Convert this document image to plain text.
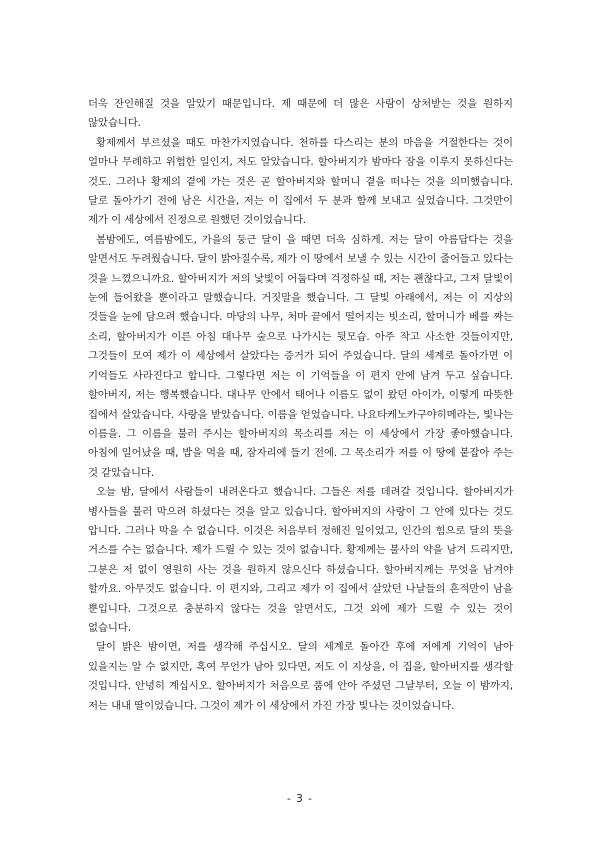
더욱 잔인해질 것을 알았기 때문입니다. 제 때문에 더 많은 사람이 상처받는 것을 원하지 않았습니다.

황제께서 부르셨을 때도 마찬가지였습니다. 천하를 다스리는 분의 마음을 거절한다는 것이 얼마나 무례하고 위험한 일인지, 저도 알았습니다. 할아버지가 밤마다 잠을 이루지 못하신다는 것도. 그러나 황제의 곁에 가는 것은 곧 할아버지와 할머니 곁을 떠나는 것을 의미했습니다. 달로 돌아가기 전에 남은 시간을, 저는 이 집에서 두 분과 함께 보내고 싶었습니다. 그것만이 제가 이 세상에서 진정으로 원했던 것이었습니다.

봄밤에도, 여름밤에도, 가을의 둥근 달이 을 때면 더욱 심하게. 저는 달이 아름답다는 것을 알면서도 두려웠습니다. 달이 밝아질수록, 제가 이 땅에서 보낼 수 있는 시간이 줄어들고 있다는 것을 느꼈으니까요. 할아버지가 저의 낯빛이 어둡다며 걱정하실 때, 저는 괜찮다고, 그저 달빛이 눈에 들어왔을 뿐이라고 말했습니다. 거짓말을 했습니다. 그 달빛 아래에서, 저는 이 지상의 것들을 눈에 담으려 했습니다. 마당의 나무, 처마 끝에서 떨어지는 빗소리, 할머니가 베를 짜는 소리, 할아버지가 이른 아침 대나무 숲으로 나가시는 뒷모습. 아주 작고 사소한 것들이지만, 그것들이 모여 제가 이 세상에서 살았다는 증거가 되어 주었습니다. 달의 세계로 돌아가면 이 기억들도 사라진다고 합니다. 그렇다면 저는 이 기억들을 이 편지 안에 남겨 두고 싶습니다. 할아버지, 저는 행복했습니다. 대나무 안에서 태어나 이름도 없이 왔던 아이가, 이렇게 따뜻한 집에서 살았습니다. 사랑을 받았습니다. 이름을 얻었습니다. 나요타케노카구야히메라는, 빛나는 이름을. 그 이름을 불러 주시는 할아버지의 목소리를 저는 이 세상에서 가장 좋아했습니다. 아침에 일어났을 때, 밥을 먹을 때, 잠자리에 들기 전에. 그 목소리가 저를 이 땅에 붙잡아 주는 것 같았습니다.

오늘 밤, 달에서 사람들이 내려온다고 했습니다. 그들은 저를 데려갈 것입니다. 할아버지가 병사들을 불러 막으려 하셨다는 것을 알고 있습니다. 할아버지의 사랑이 그 안에 있다는 것도 압니다. 그러나 막을 수 없습니다. 이것은 처음부터 정해진 일이었고, 인간의 힘으로 달의 뜻을 거스를 수는 없습니다. 제가 드릴 수 있는 것이 없습니다. 황제께는 불사의 약을 남겨 드리지만, 그분은 저 없이 영원히 사는 것을 원하지 않으신다 하셨습니다. 할아버지께는 무엇을 남겨야 할까요. 아무것도 없습니다. 이 편지와, 그리고 제가 이 집에서 살았던 나날들의 흔적만이 남을 뿐입니다. 그것으로 충분하지 않다는 것을 알면서도, 그것 외에 제가 드릴 수 있는 것이 없습니다.

달이 밝은 밤이면, 저를 생각해 주십시오. 달의 세계로 돌아간 후에 저에게 기억이 남아 있을지는 알 수 없지만, 혹여 무언가 남아 있다면, 저도 이 지상을, 이 집을, 할아버지를 생각할 것입니다. 안녕히 계십시오. 할아버지가 처음으로 품에 안아 주셨던 그날부터, 오늘 이 밤까지, 저는 내내 딸이었습니다. 그것이 제가 이 세상에서 가진 가장 빛나는 것이었습니다.

- 3 -
